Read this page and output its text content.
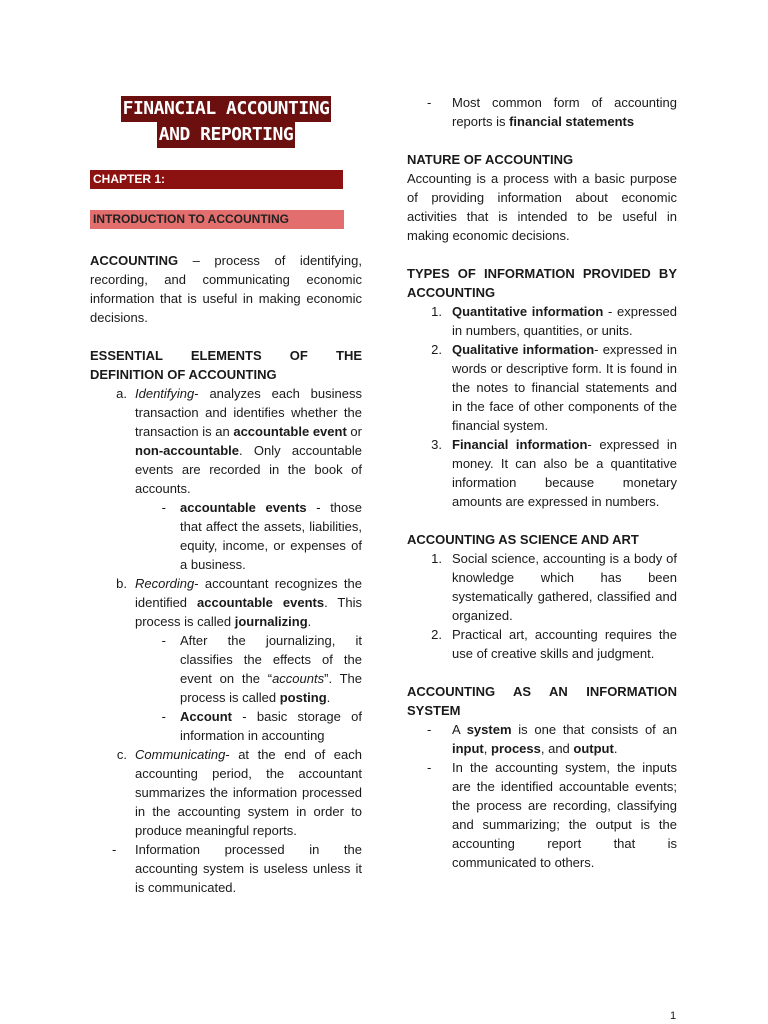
FINANCIAL ACCOUNTING
AND REPORTING
CHAPTER 1:
INTRODUCTION TO ACCOUNTING

ACCOUNTING – process of identifying, recording, and communicating economic information that is useful in making economic decisions.

ESSENTIAL ELEMENTS OF THE DEFINITION OF ACCOUNTING

a. Identifying- analyzes each business transaction and identifies whether the transaction is an accountable event or non-accountable. Only accountable events are recorded in the book of accounts.
-	accountable events - those that affect the assets, liabilities, equity, income, or expenses of a business.
b. Recording- accountant recognizes the identified accountable events. This process is called journalizing.
-	After the journalizing, it classifies the effects of the event on the “accounts”. The process is called posting.
-	Account - basic storage of information in accounting
c. Communicating- at the end of each accounting period, the accountant summarizes the information processed in the accounting system in order to produce meaningful reports.
-	Information processed in the accounting system is useless unless it is communicated.
-	Most common form of accounting reports is financial statements

NATURE OF ACCOUNTING

Accounting is a process with a basic purpose of providing information about economic activities that is intended to be useful in making economic decisions.

TYPES OF INFORMATION PROVIDED BY ACCOUNTING

1. Quantitative information - expressed in numbers, quantities, or units.
2. Qualitative information- expressed in words or descriptive form. It is found in the notes to financial statements and in the face of other components of the financial system.
3. Financial information- expressed in money. It can also be a quantitative information because monetary amounts are expressed in numbers.

ACCOUNTING AS SCIENCE AND ART

1. Social science, accounting is a body of knowledge which has been systematically gathered, classified and organized.
2. Practical art, accounting requires the use of creative skills and judgment.

ACCOUNTING AS AN INFORMATION SYSTEM

-	A system is one that consists of an input, process, and output.
-	In the accounting system, the inputs are the identified accountable events; the process are recording, classifying and summarizing; the output is the accounting report that is communicated to others.
1
